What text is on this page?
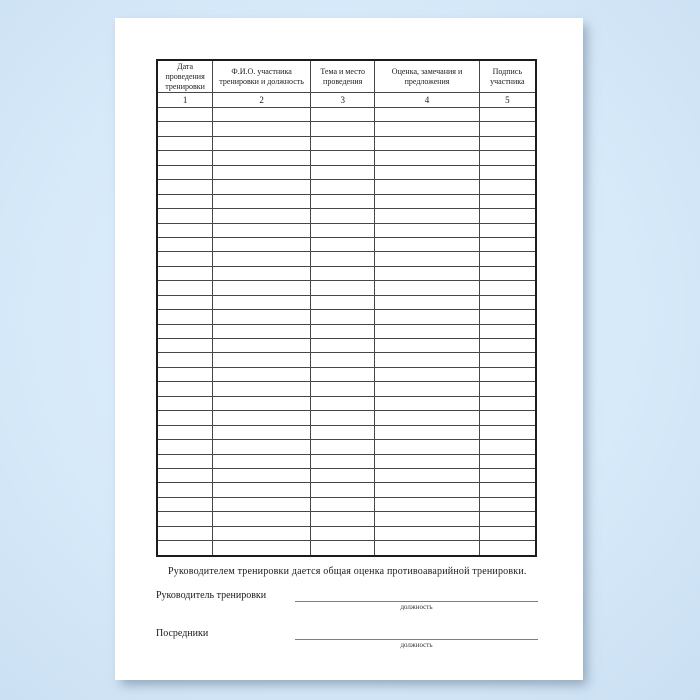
Дата проведения тренировки	Ф.И.О. участника тренировки и должность	Тема и место проведения	Оценка, замечания и предложения	Подпись участника
1	2	3	4	5

Руководителем тренировки дается общая оценка противоаварийной тренировки.

Руководитель тренировки
должность
Посредники
должность
